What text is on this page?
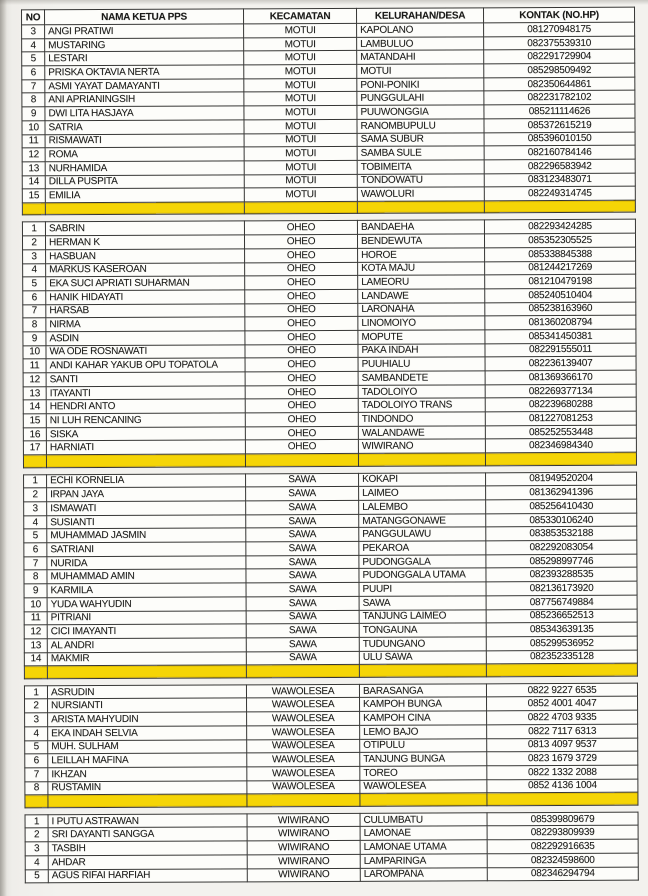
NO	NAMA KETUA PPS	KECAMATAN	KELURAHAN/DESA	KONTAK (NO.HP)
3	ANGI PRATIWI	MOTUI	KAPOLANO	081270948175
4	MUSTARING	MOTUI	LAMBULUO	082375539310
5	LESTARI	MOTUI	MATANDAHI	082291729904
6	PRISKA OKTAVIA NERTA	MOTUI	MOTUI	085298509492
7	ASMI YAYAT DAMAYANTI	MOTUI	PONI-PONIKI	082350644861
8	ANI APRIANINGSIH	MOTUI	PUNGGULAHI	082231782102
9	DWI LITA HASJAYA	MOTUI	PUUWONGGIA	085211114626
10	SATRIA	MOTUI	RANOMBUPULU	085372615219
11	RISMAWATI	MOTUI	SAMA SUBUR	085396010150
12	ROMA	MOTUI	SAMBA SULE	082160784146
13	NURHAMIDA	MOTUI	TOBIMEITA	082296583942
14	DILLA PUSPITA	MOTUI	TONDOWATU	083123483071
15	EMILIA	MOTUI	WAWOLURI	082249314745

1	SABRIN	OHEO	BANDAEHA	082293424285
2	HERMAN K	OHEO	BENDEWUTA	085352305525
3	HASBUAN	OHEO	HOROE	085338845388
4	MARKUS KASEROAN	OHEO	KOTA MAJU	081244217269
5	EKA SUCI APRIATI SUHARMAN	OHEO	LAMEORU	081210479198
6	HANIK HIDAYATI	OHEO	LANDAWE	085240510404
7	HARSAB	OHEO	LARONAHA	085238163960
8	NIRMA	OHEO	LINOMOIYO	081360208794
9	ASDIN	OHEO	MOPUTE	085341450381
10	WA ODE ROSNAWATI	OHEO	PAKA INDAH	082291555011
11	ANDI KAHAR YAKUB OPU TOPATOLA	OHEO	PUUHIALU	082236139407
12	SANTI	OHEO	SAMBANDETE	081369366170
13	ITAYANTI	OHEO	TADOLOIYO	082269377134
14	HENDRI ANTO	OHEO	TADOLOIYO TRANS	082239680288
15	NI LUH RENCANING	OHEO	TINDONDO	081227081253
16	SISKA	OHEO	WALANDAWE	085252553448
17	HARNIATI	OHEO	WIWIRANO	082346984340

1	ECHI KORNELIA	SAWA	KOKAPI	081949520204
2	IRPAN JAYA	SAWA	LAIMEO	081362941396
3	ISMAWATI	SAWA	LALEMBO	085256410430
4	SUSIANTI	SAWA	MATANGGONAWE	085330106240
5	MUHAMMAD JASMIN	SAWA	PANGGULAWU	083853532188
6	SATRIANI	SAWA	PEKAROA	082292083054
7	NURIDA	SAWA	PUDONGGALA	085298997746
8	MUHAMMAD AMIN	SAWA	PUDONGGALA UTAMA	082393288535
9	KARMILA	SAWA	PUUPI	082136173920
10	YUDA WAHYUDIN	SAWA	SAWA	087756749884
11	PITRIANI	SAWA	TANJUNG LAIMEO	085236652513
12	CICI IMAYANTI	SAWA	TONGAUNA	085343639135
13	AL ANDRI	SAWA	TUDUNGANO	085299536952
14	MAKMIR	SAWA	ULU SAWA	082352335128

1	ASRUDIN	WAWOLESEA	BARASANGA	0822 9227 6535
2	NURSIANTI	WAWOLESEA	KAMPOH BUNGA	0852 4001 4047
3	ARISTA MAHYUDIN	WAWOLESEA	KAMPOH CINA	0822 4703 9335
4	EKA INDAH SELVIA	WAWOLESEA	LEMO BAJO	0822 7117 6313
5	MUH. SULHAM	WAWOLESEA	OTIPULU	0813 4097 9537
6	LEILLAH MAFINA	WAWOLESEA	TANJUNG BUNGA	0823 1679 3729
7	IKHZAN	WAWOLESEA	TOREO	0822 1332 2088
8	RUSTAMIN	WAWOLESEA	WAWOLESEA	0852 4136 1004

1	I PUTU ASTRAWAN	WIWIRANO	CULUMBATU	085399809679
2	SRI DAYANTI SANGGA	WIWIRANO	LAMONAE	082293809939
3	TASBIH	WIWIRANO	LAMONAE UTAMA	082292916635
4	AHDAR	WIWIRANO	LAMPARINGA	082324598600
5	AGUS RIFAI HARFIAH	WIWIRANO	LAROMPANA	082346294794
